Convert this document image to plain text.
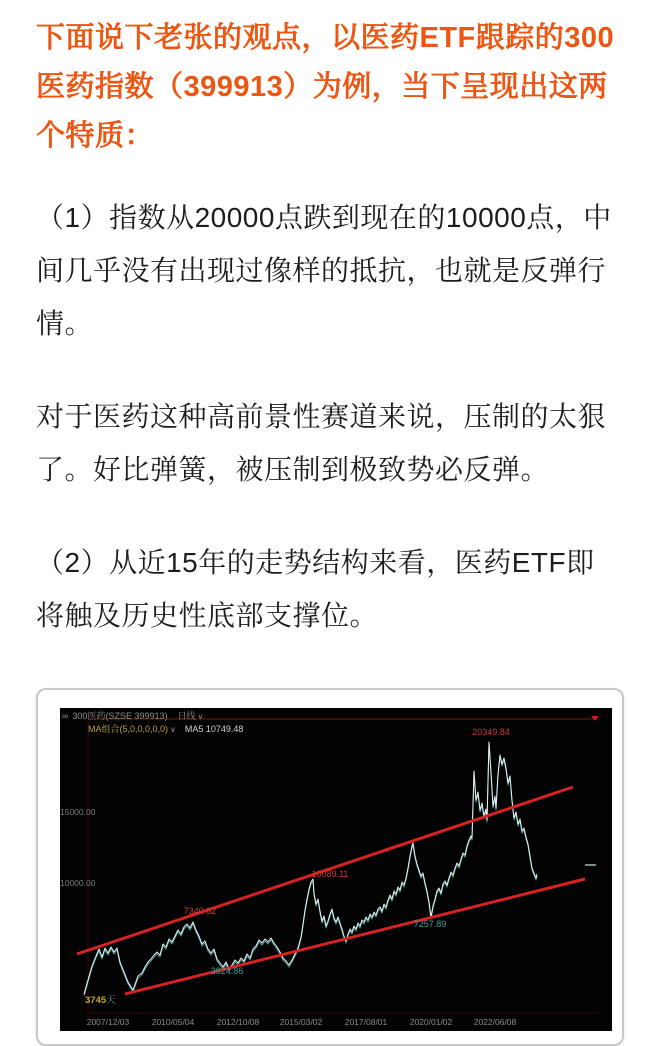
下面说下老张的观点，以医药ETF跟踪的300医药指数（399913）为例，当下呈现出这两个特质：

（1）指数从20000点跌到现在的10000点，中间几乎没有出现过像样的抵抗，也就是反弹行情。

对于医药这种高前景性赛道来说，压制的太狠了。好比弹簧，被压制到极致势必反弹。

（2）从近15年的走势结构来看，医药ETF即将触及历史性底部支撑位。

∞ 300医药(SZSE 399913) 日线 ∨
MA组合(5,0,0,0,0,0) ∨ MA5 10749.48
15000.00
10000.00
2007/12/03	2010/05/04	2012/10/08	2015/03/02	2017/08/01	2020/01/02	2022/06/08
20349.84
10089.11
7340.82
7257.89
3824.86
3745天
